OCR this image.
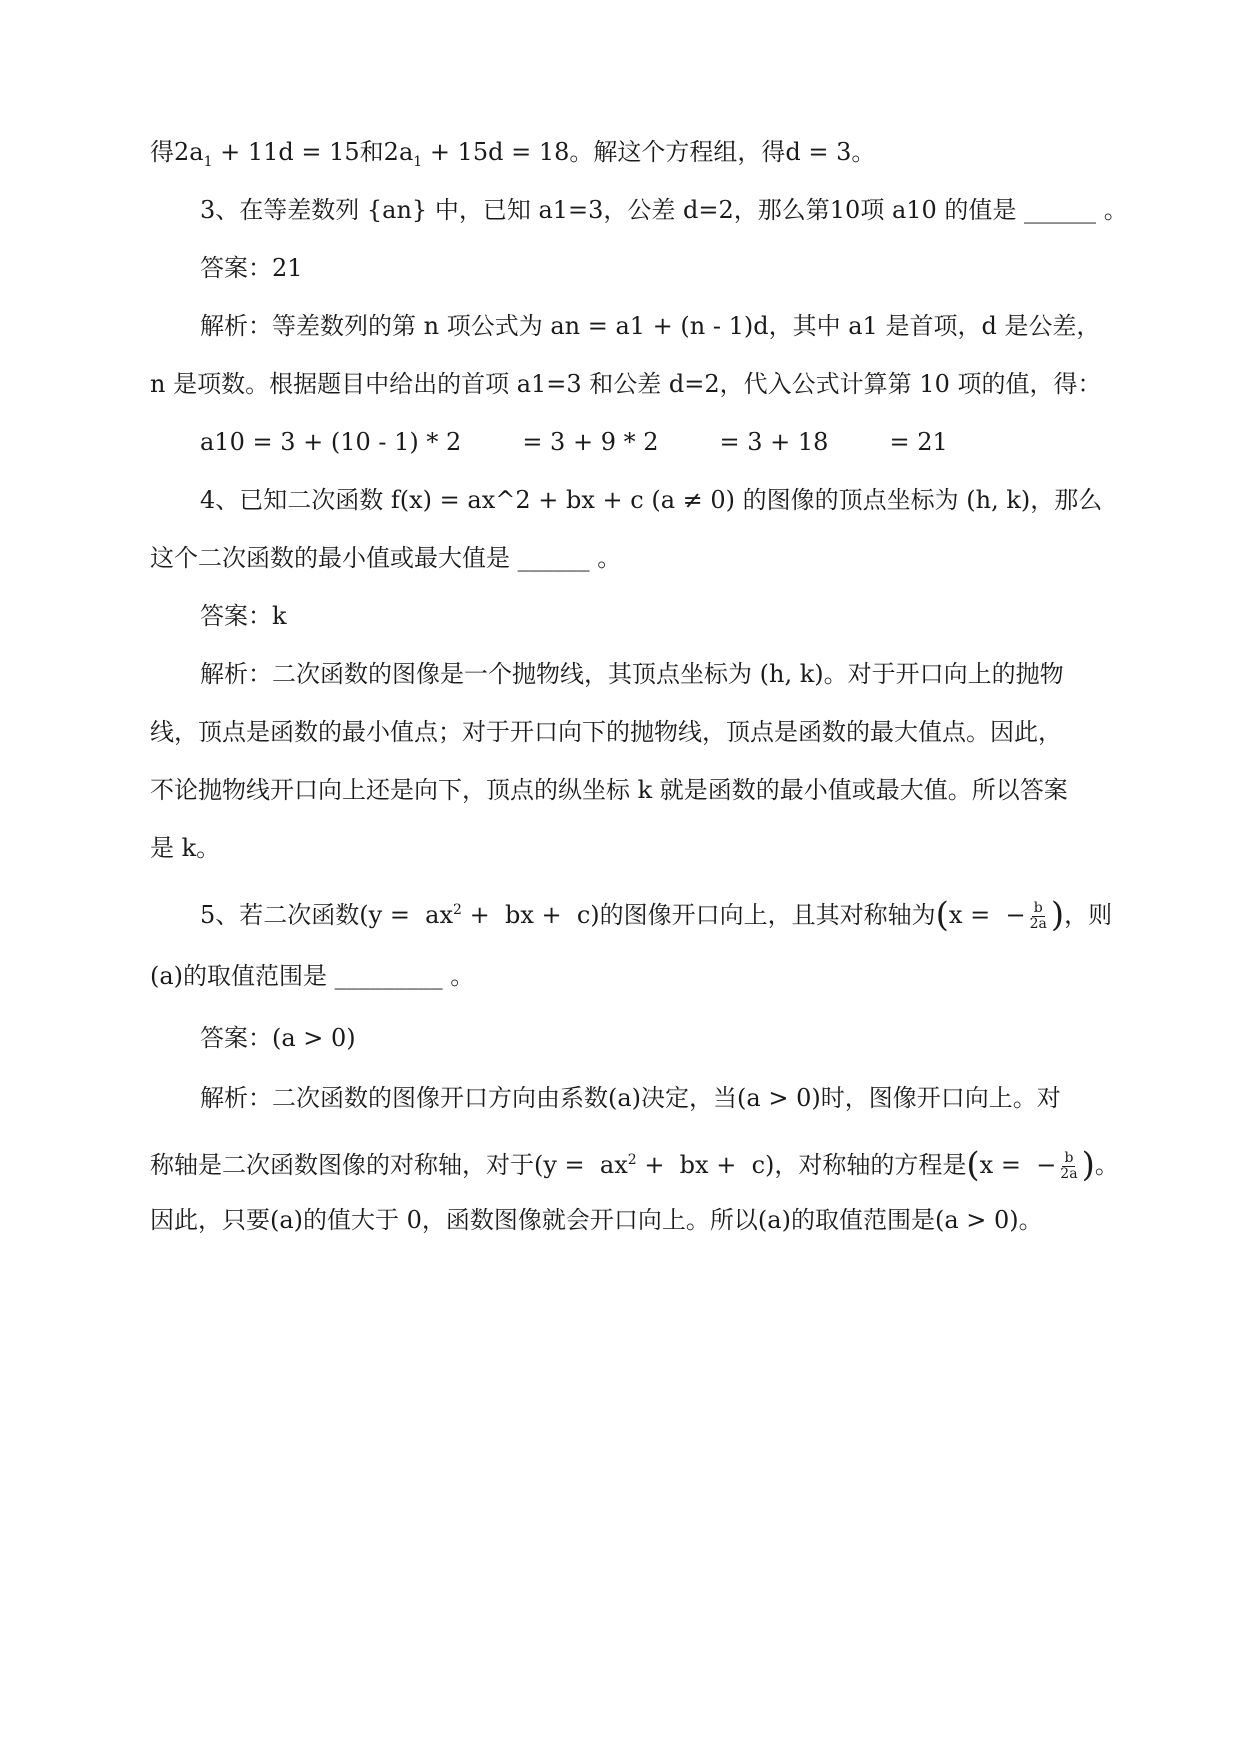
得$2a_1 + 11d = 15$和$2a_1 + 15d = 18$。解这个方程组，得d = 3。
3、在等差数列 {an} 中，已知 a1=3，公差 d=2，那么第10项 a10 的值是 ______ 。
答案：21
解析：等差数列的第 n 项公式为 an = a1 + (n - 1)d，其中 a1 是首项，d 是公差，
n 是项数。根据题目中给出的首项 a1=3 和公差 d=2，代入公式计算第 10 项的值，得：
a10 = 3 + (10 - 1) * 2        = 3 + 9 * 2        = 3 + 18        = 21
4、已知二次函数 f(x) = ax^2 + bx + c (a ≠ 0) 的图像的顶点坐标为 (h, k)，那么
这个二次函数的最小值或最大值是 ______ 。
答案：k
解析：二次函数的图像是一个抛物线，其顶点坐标为 (h, k)。对于开口向上的抛物
线，顶点是函数的最小值点；对于开口向下的抛物线，顶点是函数的最大值点。因此，
不论抛物线开口向上还是向下，顶点的纵坐标 k 就是函数的最小值或最大值。所以答案
是 k。
5、若二次函数($y = ax^2$ +  bx +  c)的图像开口向上，且其对称轴为(x =  − $\frac{b}{2a}$ )，则
(a)的取值范围是 _________ 。
答案：(a > 0)
解析：二次函数的图像开口方向由系数(a)决定，当(a > 0)时，图像开口向上。对
称轴是二次函数图像的对称轴，对于($y = ax^2$ +  bx +  c)，对称轴的方程是(x =  − $\frac{b}{2a}$ )。
因此，只要(a)的值大于 0，函数图像就会开口向上。所以(a)的取值范围是(a > 0)。
